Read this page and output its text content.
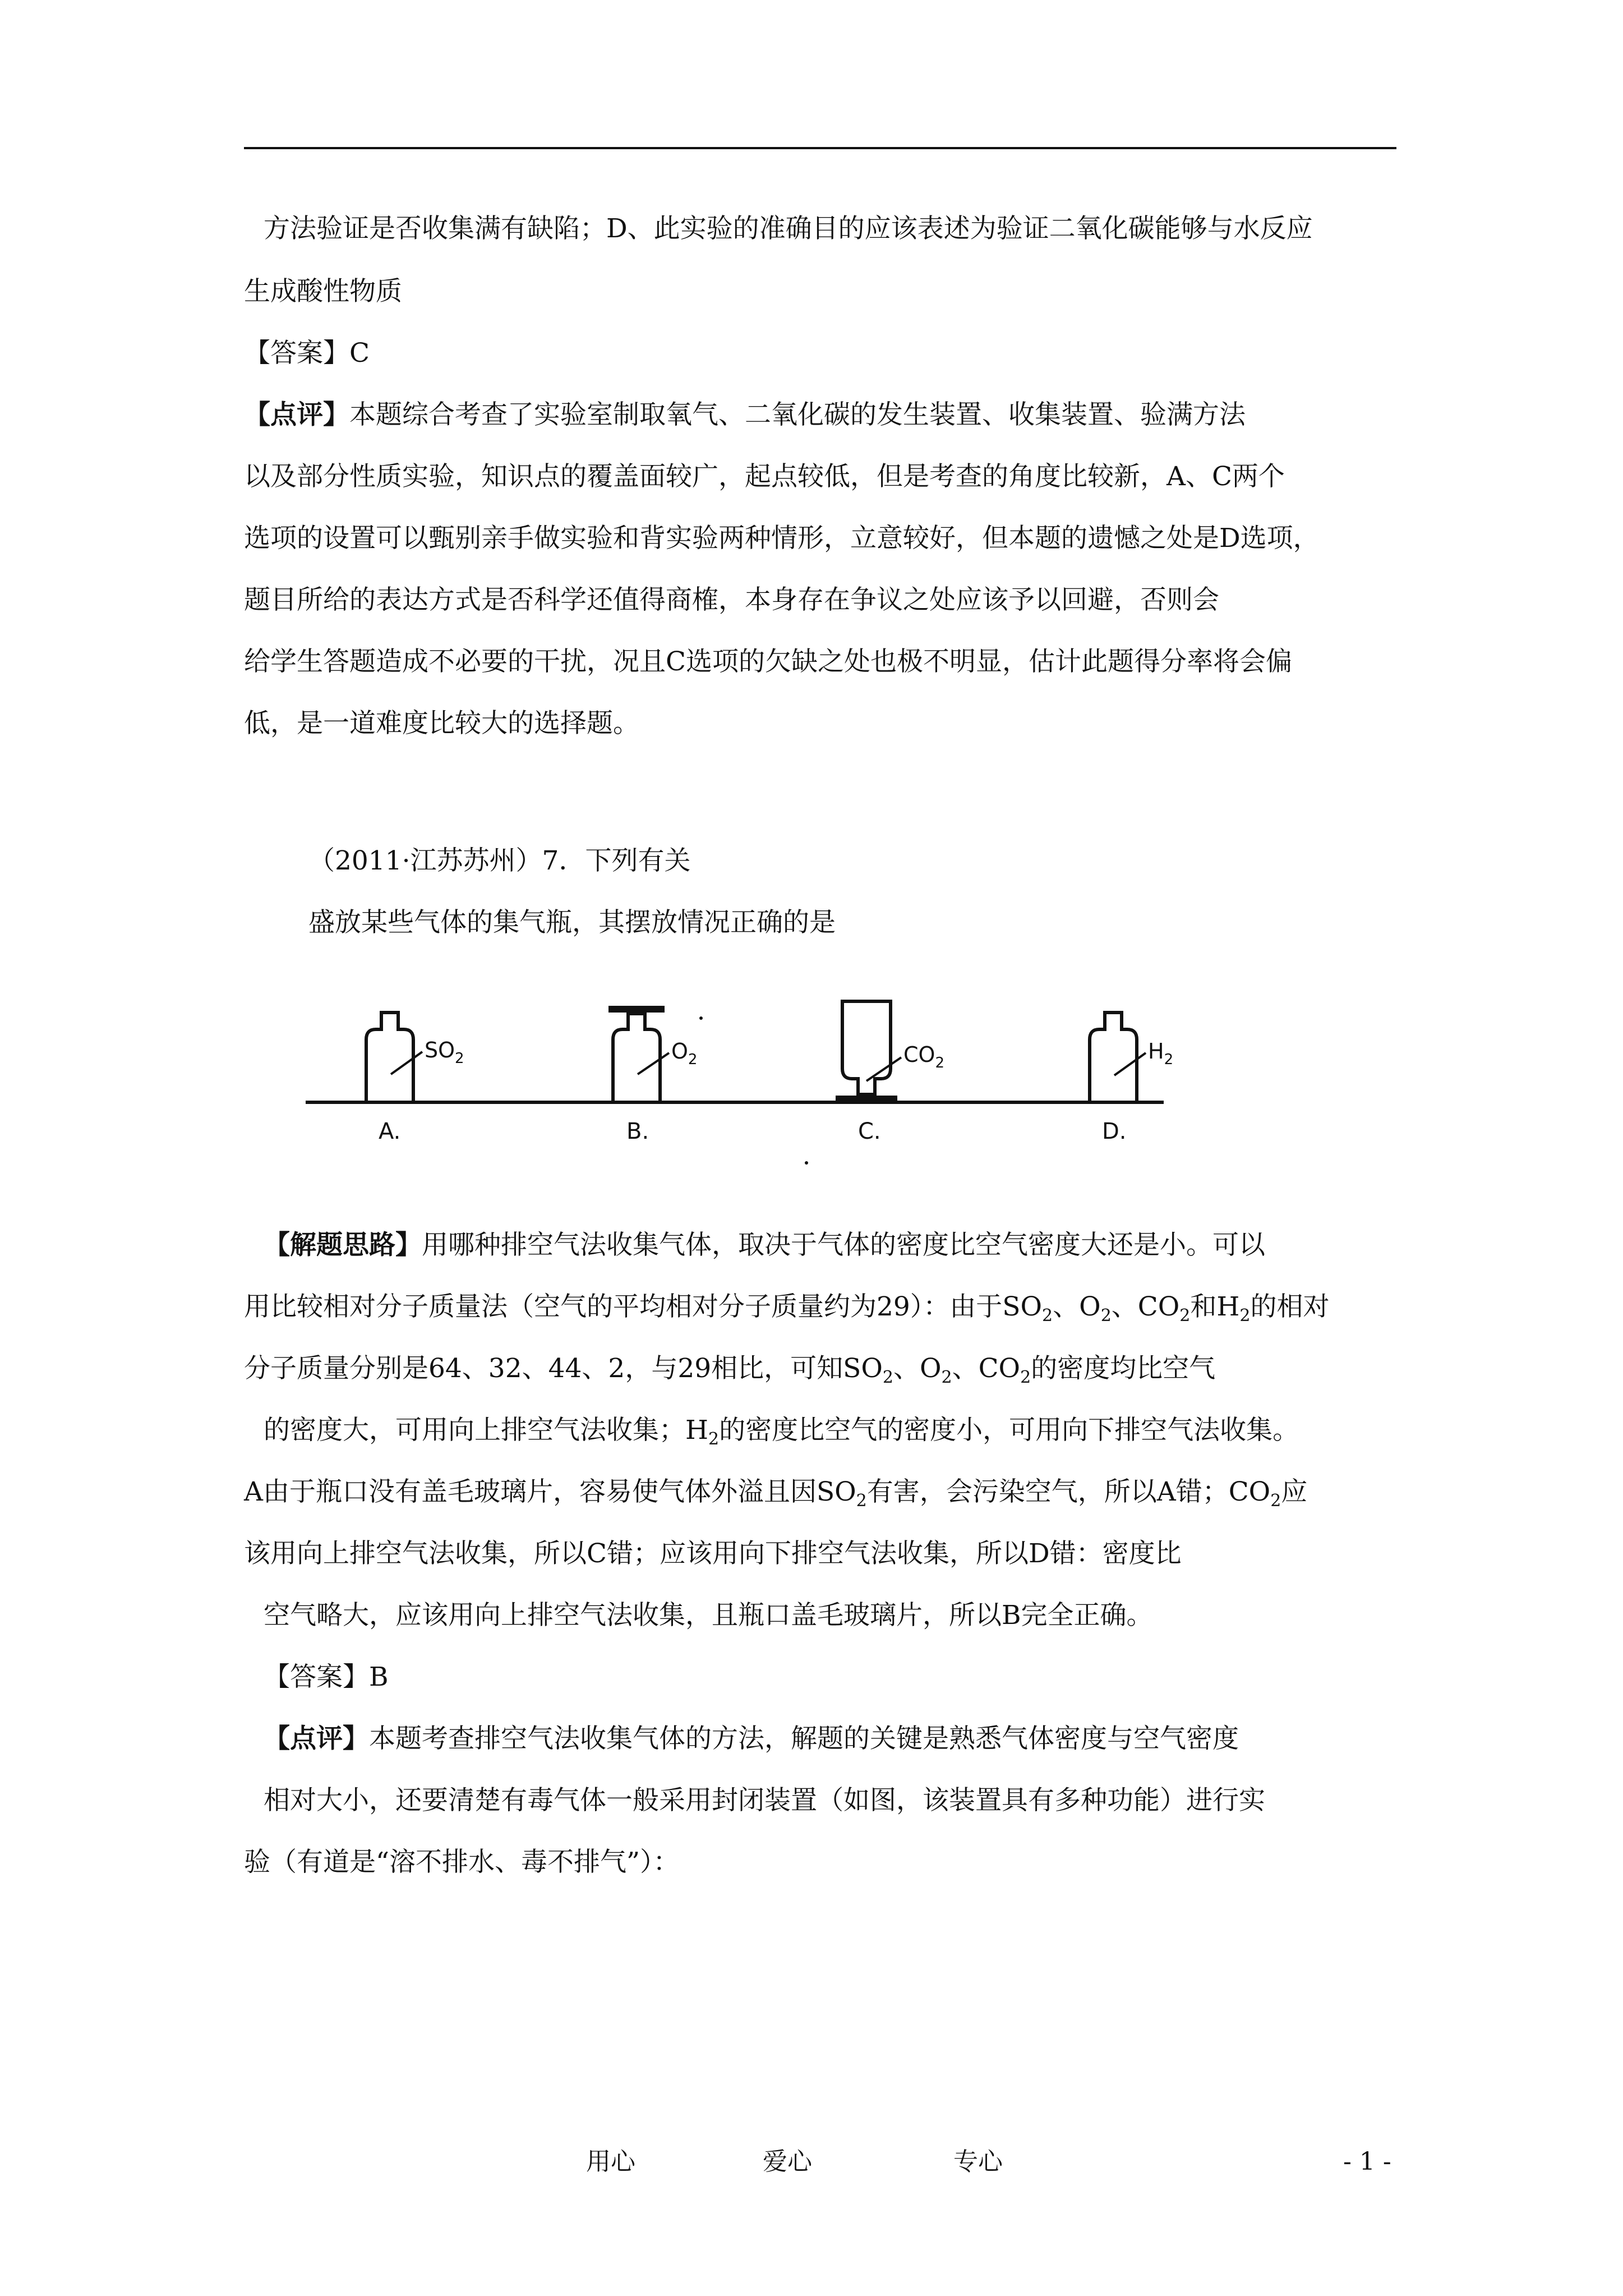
方法验证是否收集满有缺陷；D、此实验的准确目的应该表述为验证二氧化碳能够与水反应
生成酸性物质
【答案】C
【点评】本题综合考查了实验室制取氧气、二氧化碳的发生装置、收集装置、验满方法
以及部分性质实验，知识点的覆盖面较广，起点较低，但是考查的角度比较新，A、C两个
选项的设置可以甄别亲手做实验和背实验两种情形，立意较好，但本题的遗憾之处是D选项，
题目所给的表达方式是否科学还值得商榷，本身存在争议之处应该予以回避，否则会
给学生答题造成不必要的干扰，况且C选项的欠缺之处也极不明显，估计此题得分率将会偏
低，是一道难度比较大的选择题。
（2011·江苏苏州）7．下列有关
盛放某些气体的集气瓶，其摆放情况正确的是
$SO_2$
A.
$O_2$
B.
$CO_2$
C.
$H_2$
D.
【解题思路】用哪种排空气法收集气体，取决于气体的密度比空气密度大还是小。可以
用比较相对分子质量法（空气的平均相对分子质量约为29）：由于$SO_2$、$O_2$、$CO_2$和$H_2$的相对
分子质量分别是64、32、44、2，与29相比，可知$SO_2$、$O_2$、$CO_2$的密度均比空气
的密度大，可用向上排空气法收集；$H_2$的密度比空气的密度小，可用向下排空气法收集。
A由于瓶口没有盖毛玻璃片，容易使气体外溢且因$SO_2$有害，会污染空气，所以A错；$CO_2$应
该用向上排空气法收集，所以C错；应该用向下排空气法收集，所以D错：密度比
空气略大，应该用向上排空气法收集，且瓶口盖毛玻璃片，所以B完全正确。
【答案】B
【点评】本题考查排空气法收集气体的方法，解题的关键是熟悉气体密度与空气密度
相对大小，还要清楚有毒气体一般采用封闭装置（如图，该装置具有多种功能）进行实
验（有道是“溶不排水、毒不排气”）：
用心	爱心	专心	- 1 -
